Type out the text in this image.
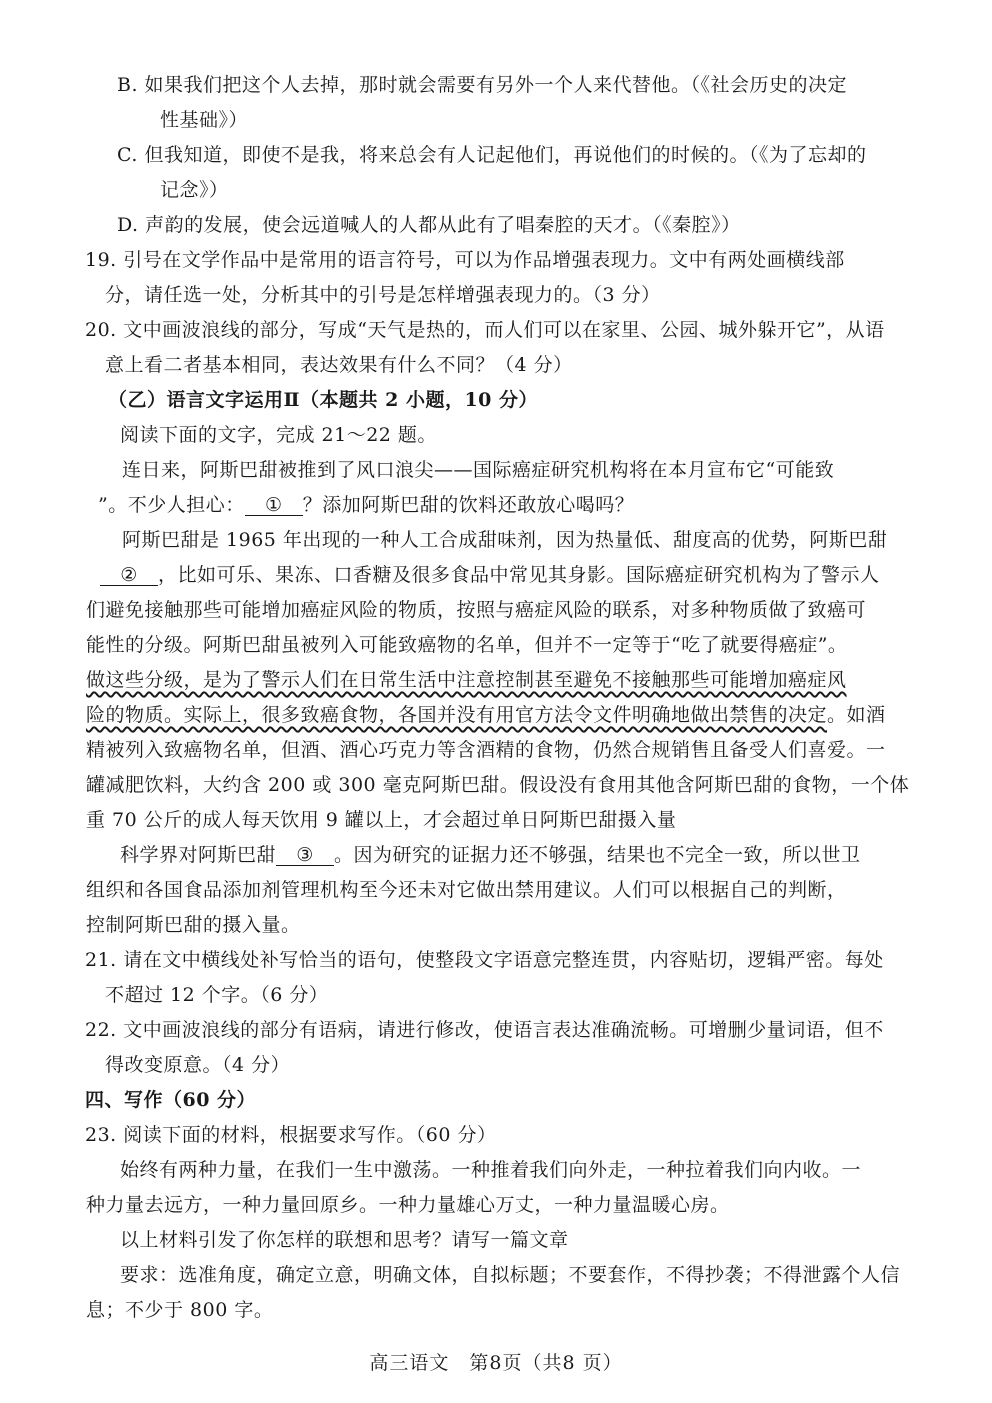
B. 如果我们把这个人去掉，那时就会需要有另外一个人来代替他。（《社会历史的决定
性基础》）
C. 但我知道，即使不是我，将来总会有人记起他们，再说他们的时候的。（《为了忘却的
记念》）
D. 声韵的发展，使会远道喊人的人都从此有了唱秦腔的天才。（《秦腔》）
19. 引号在文学作品中是常用的语言符号，可以为作品增强表现力。文中有两处画横线部
分，请任选一处，分析其中的引号是怎样增强表现力的。（3 分）
20. 文中画波浪线的部分，写成“天气是热的，而人们可以在家里、公园、城外躲开它”，从语
意上看二者基本相同，表达效果有什么不同？（4 分）
（乙）语言文字运用Ⅱ（本题共 2 小题，10 分）
阅读下面的文字，完成 21～22 题。
连日来，阿斯巴甜被推到了风口浪尖——国际癌症研究机构将在本月宣布它“可能致
”。不少人担心： ① ？添加阿斯巴甜的饮料还敢放心喝吗？
阿斯巴甜是 1965 年出现的一种人工合成甜味剂，因为热量低、甜度高的优势，阿斯巴甜
② ，比如可乐、果冻、口香糖及很多食品中常见其身影。国际癌症研究机构为了警示人
们避免接触那些可能增加癌症风险的物质，按照与癌症风险的联系，对多种物质做了致癌可
能性的分级。阿斯巴甜虽被列入可能致癌物的名单，但并不一定等于“吃了就要得癌症”。
做这些分级，是为了警示人们在日常生活中注意控制甚至避免不接触那些可能增加癌症风
险的物质。实际上，很多致癌食物，各国并没有用官方法令文件明确地做出禁售的决定。如酒
精被列入致癌物名单，但酒、酒心巧克力等含酒精的食物，仍然合规销售且备受人们喜爱。一
罐减肥饮料，大约含 200 或 300 毫克阿斯巴甜。假设没有食用其他含阿斯巴甜的食物，一个体
重 70 公斤的成人每天饮用 9 罐以上，才会超过单日阿斯巴甜摄入量
科学界对阿斯巴甜 ③ 。因为研究的证据力还不够强，结果也不完全一致，所以世卫
组织和各国食品添加剂管理机构至今还未对它做出禁用建议。人们可以根据自己的判断，
控制阿斯巴甜的摄入量。
21. 请在文中横线处补写恰当的语句，使整段文字语意完整连贯，内容贴切，逻辑严密。每处
不超过 12 个字。（6 分）
22. 文中画波浪线的部分有语病，请进行修改，使语言表达准确流畅。可增删少量词语，但不
得改变原意。（4 分）
四、写作（60 分）
23. 阅读下面的材料，根据要求写作。（60 分）
始终有两种力量，在我们一生中激荡。一种推着我们向外走，一种拉着我们向内收。一
种力量去远方，一种力量回原乡。一种力量雄心万丈，一种力量温暖心房。
以上材料引发了你怎样的联想和思考？请写一篇文章
要求：选准角度，确定立意，明确文体，自拟标题；不要套作，不得抄袭；不得泄露个人信
息；不少于 800 字。
高三语文　第8页（共8 页）
